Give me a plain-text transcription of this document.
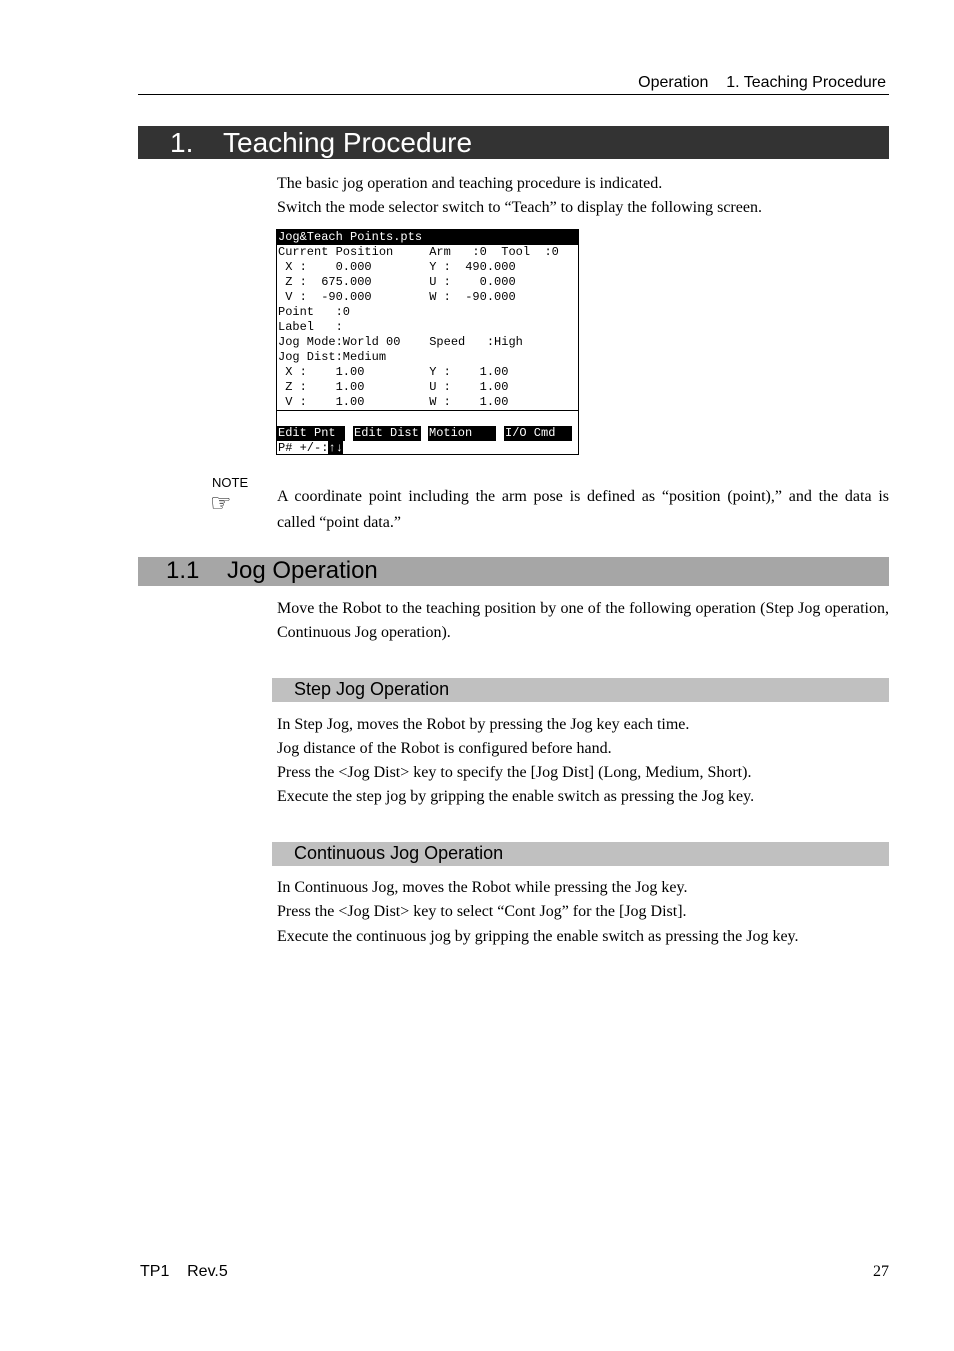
Operation    1. Teaching Procedure
1. Teaching Procedure
The basic jog operation and teaching procedure is indicated.
Switch the mode selector switch to “Teach” to display the following screen.
Jog&Teach Points.pts
Current Position     Arm   :0  Tool  :0
X :    0.000        Y :  490.000
Z :  675.000        U :    0.000
V :  -90.000        W :  -90.000
Point   :0
Label   :
Jog Mode:World 00    Speed   :High
Jog Dist:Medium
X :    1.00         Y :    1.00
Z :    1.00         U :    1.00
V :    1.00         W :    1.00
Edit Pnt	Edit Dist Motion	I/O Cmd
P# +/-:↑↓
NOTE
☞	A coordinate point including the arm pose is defined as “position (point),” and the data is called “point data.”
1.1 Jog Operation
Move the Robot to the teaching position by one of the following operation (Step Jog operation, Continuous Jog operation).
Step Jog Operation
In Step Jog, moves the Robot by pressing the Jog key each time.
Jog distance of the Robot is configured before hand.
Press the <Jog Dist> key to specify the [Jog Dist] (Long, Medium, Short).
Execute the step jog by gripping the enable switch as pressing the Jog key.
Continuous Jog Operation
In Continuous Jog, moves the Robot while pressing the Jog key.
Press the <Jog Dist> key to select “Cont Jog” for the [Jog Dist].
Execute the continuous jog by gripping the enable switch as pressing the Jog key.
TP1    Rev.5	27
